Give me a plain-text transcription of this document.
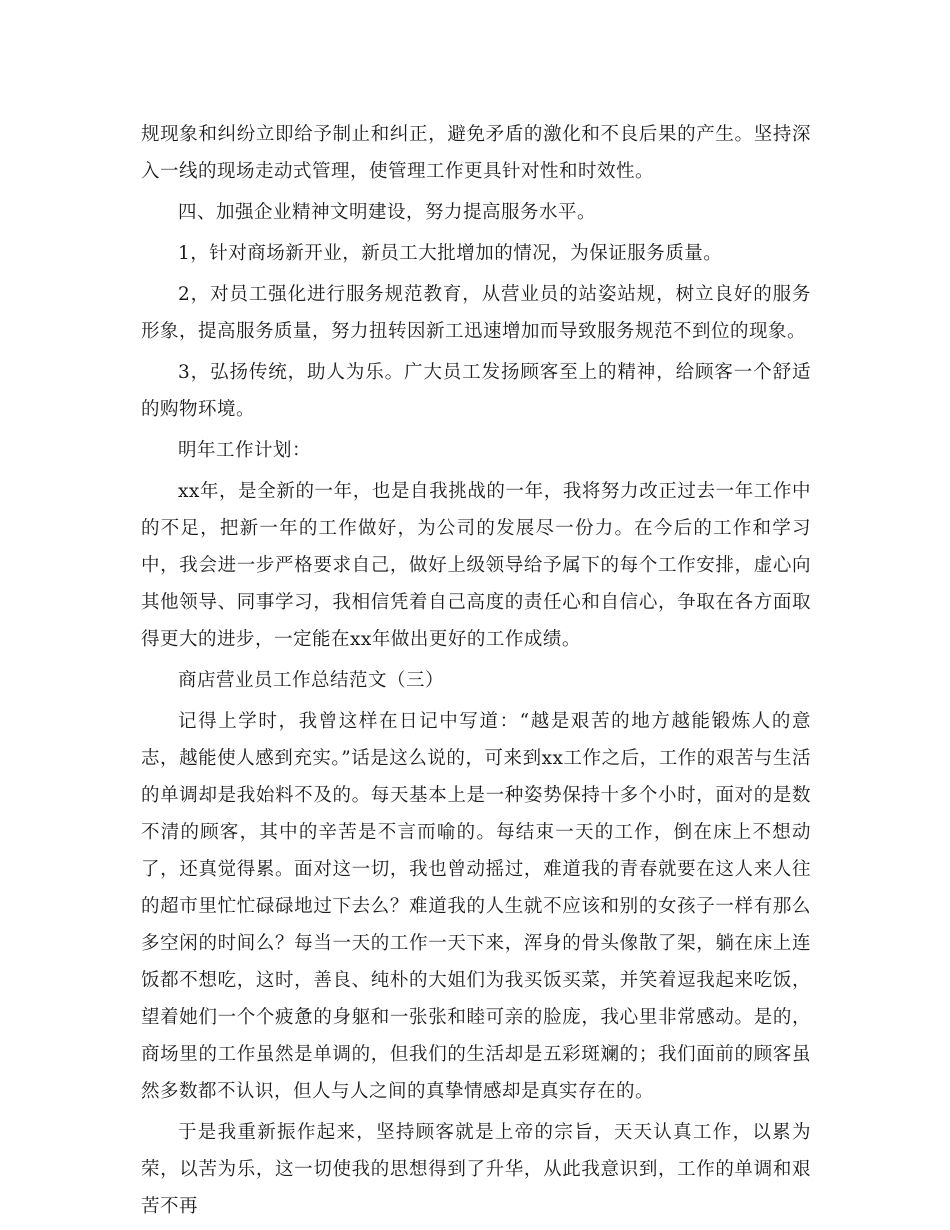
规现象和纠纷立即给予制止和纠正，避免矛盾的激化和不良后果的产生。坚持深入一线的现场走动式管理，使管理工作更具针对性和时效性。

四、加强企业精神文明建设，努力提高服务水平。

1，针对商场新开业，新员工大批增加的情况，为保证服务质量。

2，对员工强化进行服务规范教育，从营业员的站姿站规，树立良好的服务形象，提高服务质量，努力扭转因新工迅速增加而导致服务规范不到位的现象。

3，弘扬传统，助人为乐。广大员工发扬顾客至上的精神，给顾客一个舒适的购物环境。

明年工作计划：

xx年，是全新的一年，也是自我挑战的一年，我将努力改正过去一年工作中的不足，把新一年的工作做好，为公司的发展尽一份力。在今后的工作和学习中，我会进一步严格要求自己，做好上级领导给予属下的每个工作安排，虚心向其他领导、同事学习，我相信凭着自己高度的责任心和自信心，争取在各方面取得更大的进步，一定能在xx年做出更好的工作成绩。

商店营业员工作总结范文（三）

记得上学时，我曾这样在日记中写道：“越是艰苦的地方越能锻炼人的意志，越能使人感到充实。”话是这么说的，可来到xx工作之后，工作的艰苦与生活的单调却是我始料不及的。每天基本上是一种姿势保持十多个小时，面对的是数不清的顾客，其中的辛苦是不言而喻的。每结束一天的工作，倒在床上不想动了，还真觉得累。面对这一切，我也曾动摇过，难道我的青春就要在这人来人往的超市里忙忙碌碌地过下去么？难道我的人生就不应该和别的女孩子一样有那么多空闲的时间么？每当一天的工作一天下来，浑身的骨头像散了架，躺在床上连饭都不想吃，这时，善良、纯朴的大姐们为我买饭买菜，并笑着逗我起来吃饭，望着她们一个个疲惫的身躯和一张张和睦可亲的脸庞，我心里非常感动。是的，商场里的工作虽然是单调的，但我们的生活却是五彩斑斓的；我们面前的顾客虽然多数都不认识，但人与人之间的真挚情感却是真实存在的。

于是我重新振作起来，坚持顾客就是上帝的宗旨，天天认真工作，以累为荣，以苦为乐，这一切使我的思想得到了升华，从此我意识到，工作的单调和艰苦不再
